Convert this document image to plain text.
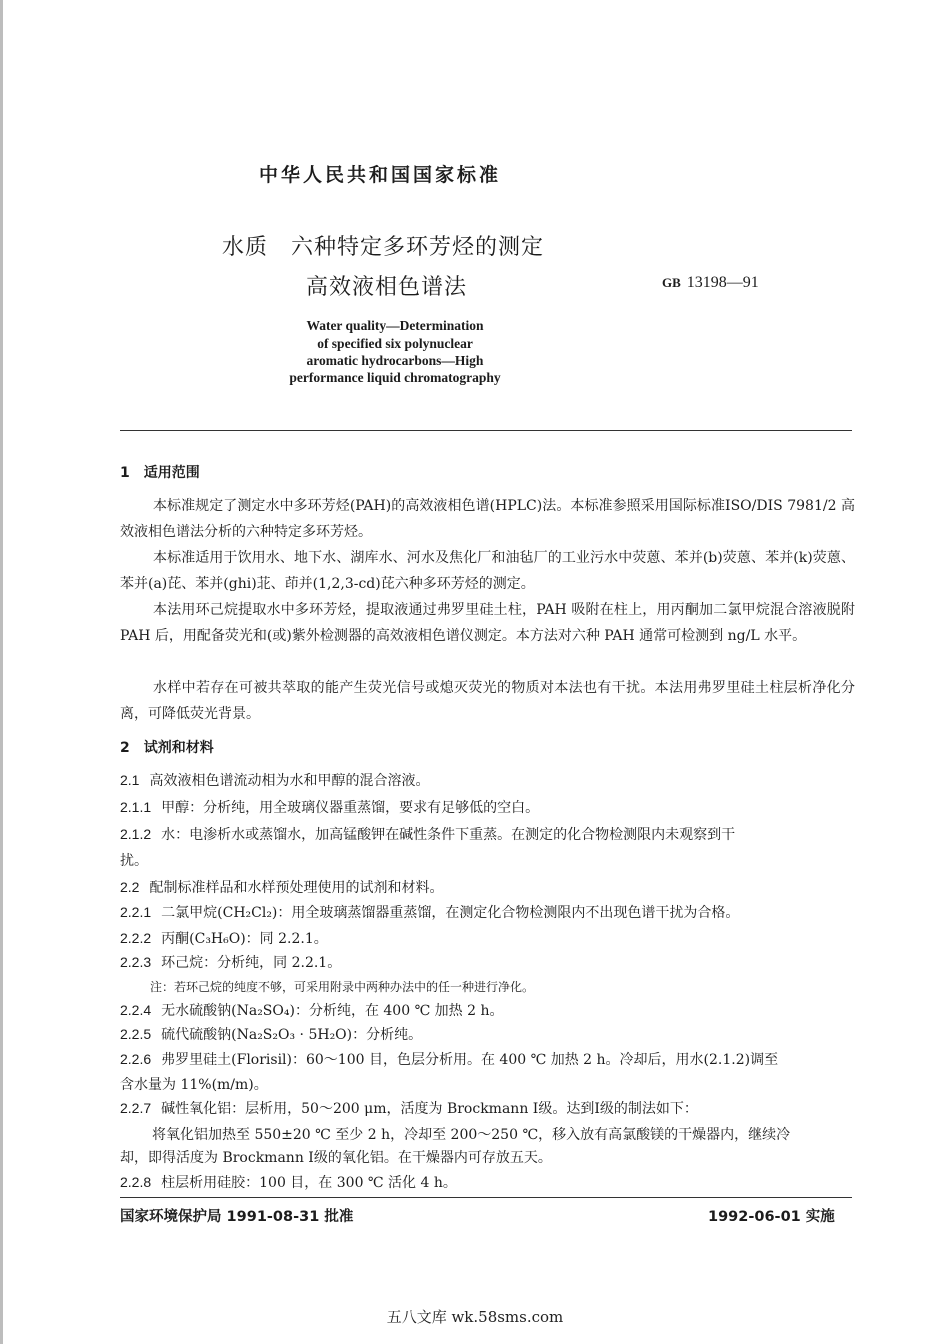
中华人民共和国国家标准
水质　六种特定多环芳烃的测定
高效液相色谱法	GB 13198—91
Water quality—Determination
of specified six polynuclear
aromatic hydrocarbons—High
performance liquid chromatography
1　适用范围
本标准规定了测定水中多环芳烃(PAH)的高效液相色谱(HPLC)法。本标准参照采用国际标准ISO/DIS 7981/2 高效液相色谱法分析的六种特定多环芳烃。
本标准适用于饮用水、地下水、湖库水、河水及焦化厂和油毡厂的工业污水中荧蒽、苯并(b)荧蒽、苯并(k)荧蒽、苯并(a)芘、苯并(ghi)苝、茚并(1,2,3-cd)芘六种多环芳烃的测定。
本法用环己烷提取水中多环芳烃，提取液通过弗罗里硅土柱，PAH 吸附在柱上，用丙酮加二氯甲烷混合溶液脱附 PAH 后，用配备荧光和(或)紫外检测器的高效液相色谱仪测定。本方法对六种 PAH 通常可检测到 ng/L 水平。
水样中若存在可被共萃取的能产生荧光信号或熄灭荧光的物质对本法也有干扰。本法用弗罗里硅土柱层析净化分离，可降低荧光背景。
2　试剂和材料
2.1 高效液相色谱流动相为水和甲醇的混合溶液。
2.1.1 甲醇：分析纯，用全玻璃仪器重蒸馏，要求有足够低的空白。
2.1.2 水：电渗析水或蒸馏水，加高锰酸钾在碱性条件下重蒸。在测定的化合物检测限内未观察到干
扰。
2.2 配制标准样品和水样预处理使用的试剂和材料。
2.2.1 二氯甲烷(CH₂Cl₂)：用全玻璃蒸馏器重蒸馏，在测定化合物检测限内不出现色谱干扰为合格。
2.2.2 丙酮(C₃H₆O)：同 2.2.1。
2.2.3 环己烷：分析纯，同 2.2.1。
注：若环己烷的纯度不够，可采用附录中两种办法中的任一种进行净化。
2.2.4 无水硫酸钠(Na₂SO₄)：分析纯，在 400 ℃ 加热 2 h。
2.2.5 硫代硫酸钠(Na₂S₂O₃ · 5H₂O)：分析纯。
2.2.6 弗罗里硅土(Florisil)：60～100 目，色层分析用。在 400 ℃ 加热 2 h。冷却后，用水(2.1.2)调至
含水量为 11%(m/m)。
2.2.7 碱性氧化铝：层析用，50～200 μm，活度为 Brockmann Ⅰ级。达到Ⅰ级的制法如下：
将氧化铝加热至 550±20 ℃ 至少 2 h，冷却至 200～250 ℃，移入放有高氯酸镁的干燥器内，继续冷
却，即得活度为 Brockmann Ⅰ级的氧化铝。在干燥器内可存放五天。
2.2.8 柱层析用硅胶：100 目，在 300 ℃ 活化 4 h。
国家环境保护局 1991-08-31 批准	1992-06-01 实施
五八文库 wk.58sms.com
